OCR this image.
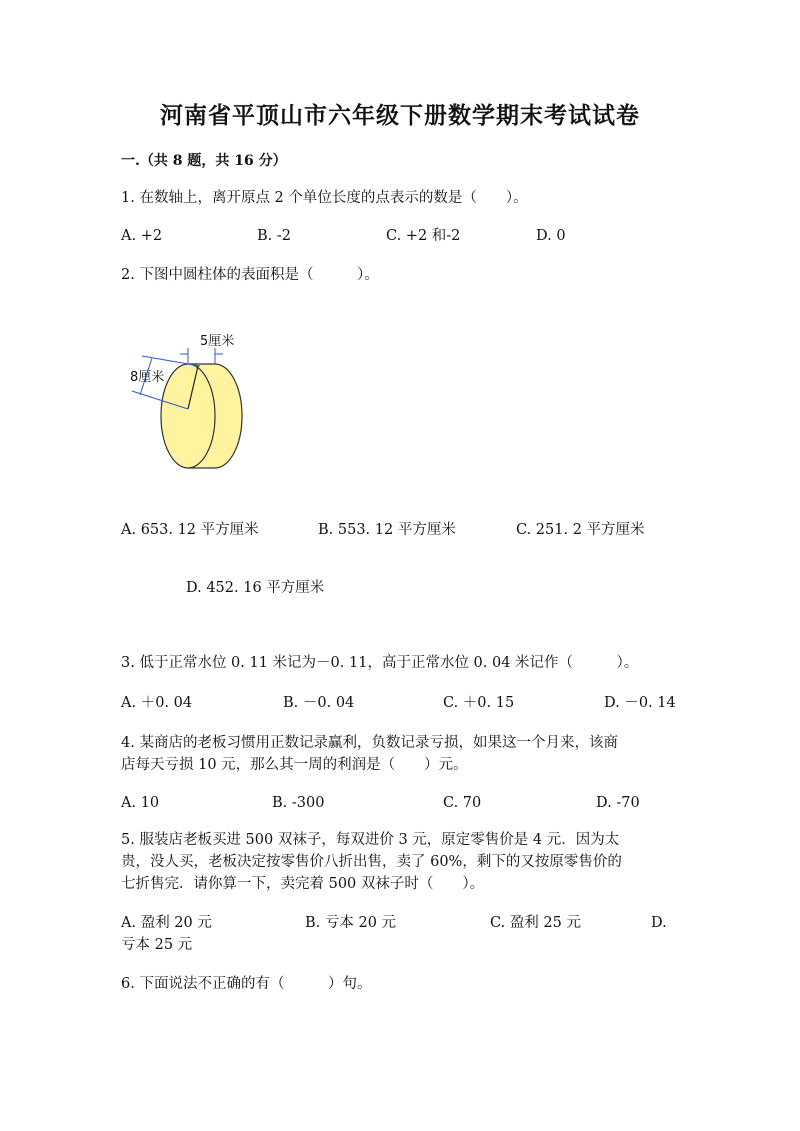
河南省平顶山市六年级下册数学期末考试试卷
一.（共 8 题，共 16 分）
1. 在数轴上，离开原点 2 个单位长度的点表示的数是（　　）。
A. +2	B. -2	C. +2 和-2	D. 0
2. 下图中圆柱体的表面积是（　　　）。
5厘米
8厘米
A. 653. 12 平方厘米	B. 553. 12 平方厘米	C. 251. 2 平方厘米
D. 452. 16 平方厘米
3. 低于正常水位 0. 11 米记为－0. 11，高于正常水位 0. 04 米记作（　　　）。
A. ＋0. 04	B. －0. 04	C. ＋0. 15	D. －0. 14
4. 某商店的老板习惯用正数记录赢利，负数记录亏损，如果这一个月来，该商
店每天亏损 10 元，那么其一周的利润是（　　）元。
A. 10	B. -300	C. 70	D. -70
5. 服装店老板买进 500 双袜子，每双进价 3 元，原定零售价是 4 元．因为太
贵，没人买，老板决定按零售价八折出售，卖了 60%，剩下的又按原零售价的
七折售完．请你算一下，卖完着 500 双袜子时（　　）。
A. 盈利 20 元	B. 亏本 20 元	C. 盈利 25 元	D.
亏本 25 元
6. 下面说法不正确的有（　　　）句。
